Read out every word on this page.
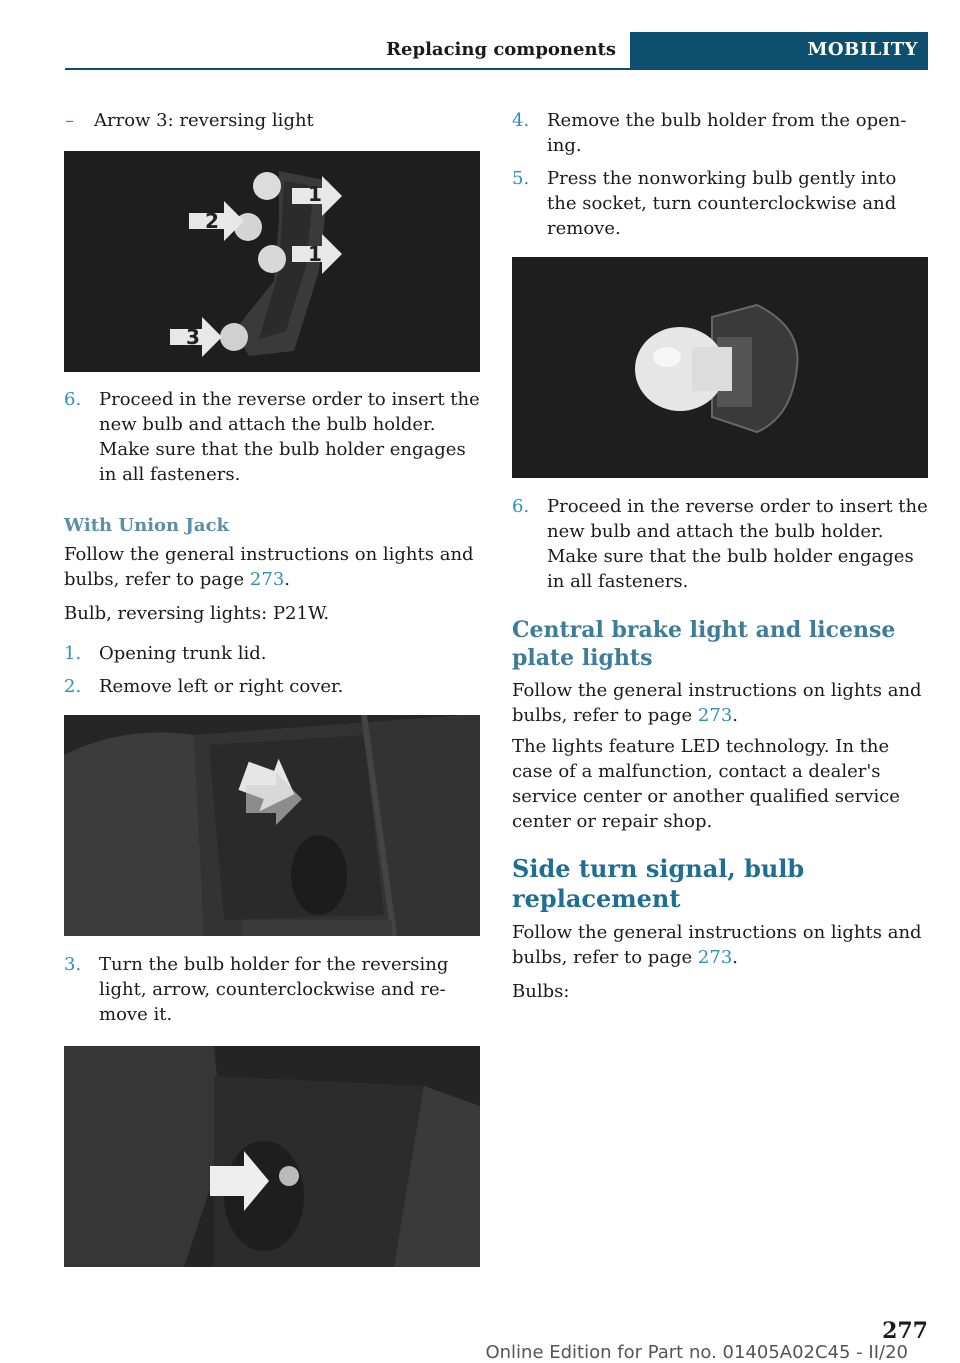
Replacing components	MOBILITY
– Arrow 3: reversing light
1
2
1
3
6. Proceed in the reverse order to insert the new bulb and attach the bulb holder. Make sure that the bulb holder engages in all fasteners.
With Union Jack

Follow the general instructions on lights and bulbs, refer to page 273.

Bulb, reversing lights: P21W.

1. Opening trunk lid.
2. Remove left or right cover.
3. Turn the bulb holder for the reversing light, arrow, counterclockwise and re‐ move it.
4. Remove the bulb holder from the open‐ ing.
5. Press the nonworking bulb gently into the socket, turn counterclockwise and remove.
6. Proceed in the reverse order to insert the new bulb and attach the bulb holder. Make sure that the bulb holder engages in all fasteners.
Central brake light and license plate lights

Follow the general instructions on lights and bulbs, refer to page 273.

The lights feature LED technology. In the case of a malfunction, contact a dealer's service center or another qualified service center or repair shop.

Side turn signal, bulb replacement

Follow the general instructions on lights and bulbs, refer to page 273.

Bulbs:

277
Online Edition for Part no. 01405A02C45 - II/20
